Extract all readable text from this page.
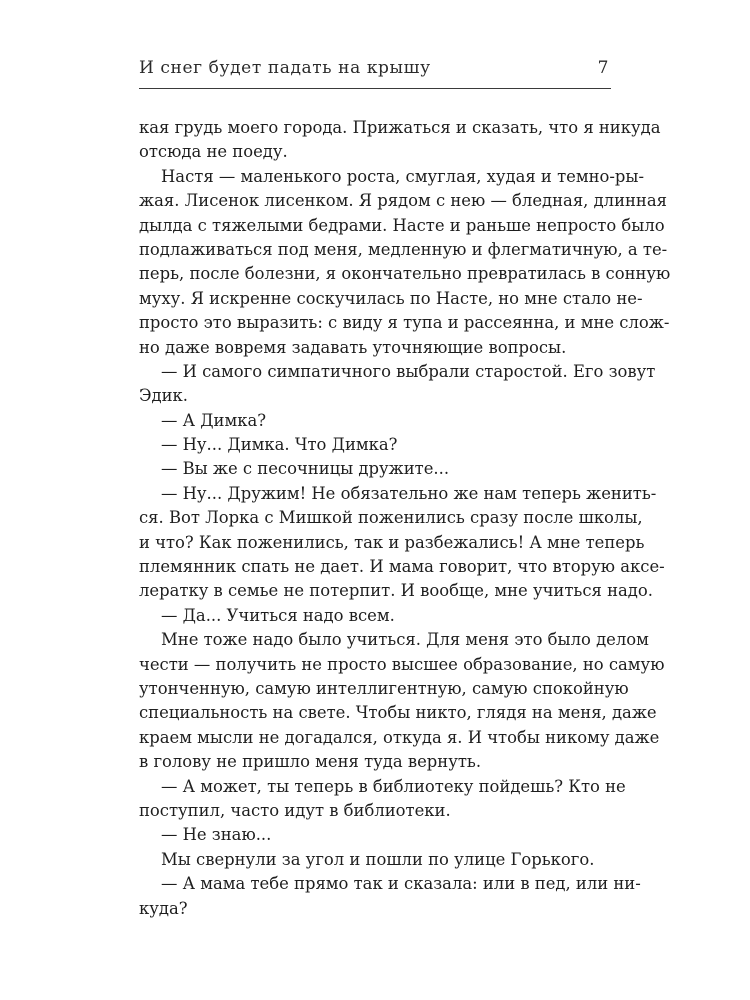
И снег будет падать на крышу	7
кая грудь моего города. Прижаться и сказать, что я никуда
отсюда не поеду.
Настя — маленького роста, смуглая, худая и темно-ры-
жая. Лисенок лисенком. Я рядом с нею — бледная, длинная
дылда с тяжелыми бедрами. Насте и раньше непросто было
подлаживаться под меня, медленную и флегматичную, а те-
перь, после болезни, я окончательно превратилась в сонную
муху. Я искренне соскучилась по Насте, но мне стало не-
просто это выразить: с виду я тупа и рассеянна, и мне слож-
но даже вовремя задавать уточняющие вопросы.
— И самого симпатичного выбрали старостой. Его зовут
Эдик.
— А Димка?
— Ну... Димка. Что Димка?
— Вы же с песочницы дружите...
— Ну... Дружим! Не обязательно же нам теперь женить-
ся. Вот Лорка с Мишкой поженились сразу после школы,
и что? Как поженились, так и разбежались! А мне теперь
племянник спать не дает. И мама говорит, что вторую аксе-
лератку в семье не потерпит. И вообще, мне учиться надо.
— Да... Учиться надо всем.
Мне тоже надо было учиться. Для меня это было делом
чести — получить не просто высшее образование, но самую
утонченную, самую интеллигентную, самую спокойную
специальность на свете. Чтобы никто, глядя на меня, даже
краем мысли не догадался, откуда я. И чтобы никому даже
в голову не пришло меня туда вернуть.
— А может, ты теперь в библиотеку пойдешь? Кто не
поступил, часто идут в библиотеки.
— Не знаю...
Мы свернули за угол и пошли по улице Горького.
— А мама тебе прямо так и сказала: или в пед, или ни-
куда?
